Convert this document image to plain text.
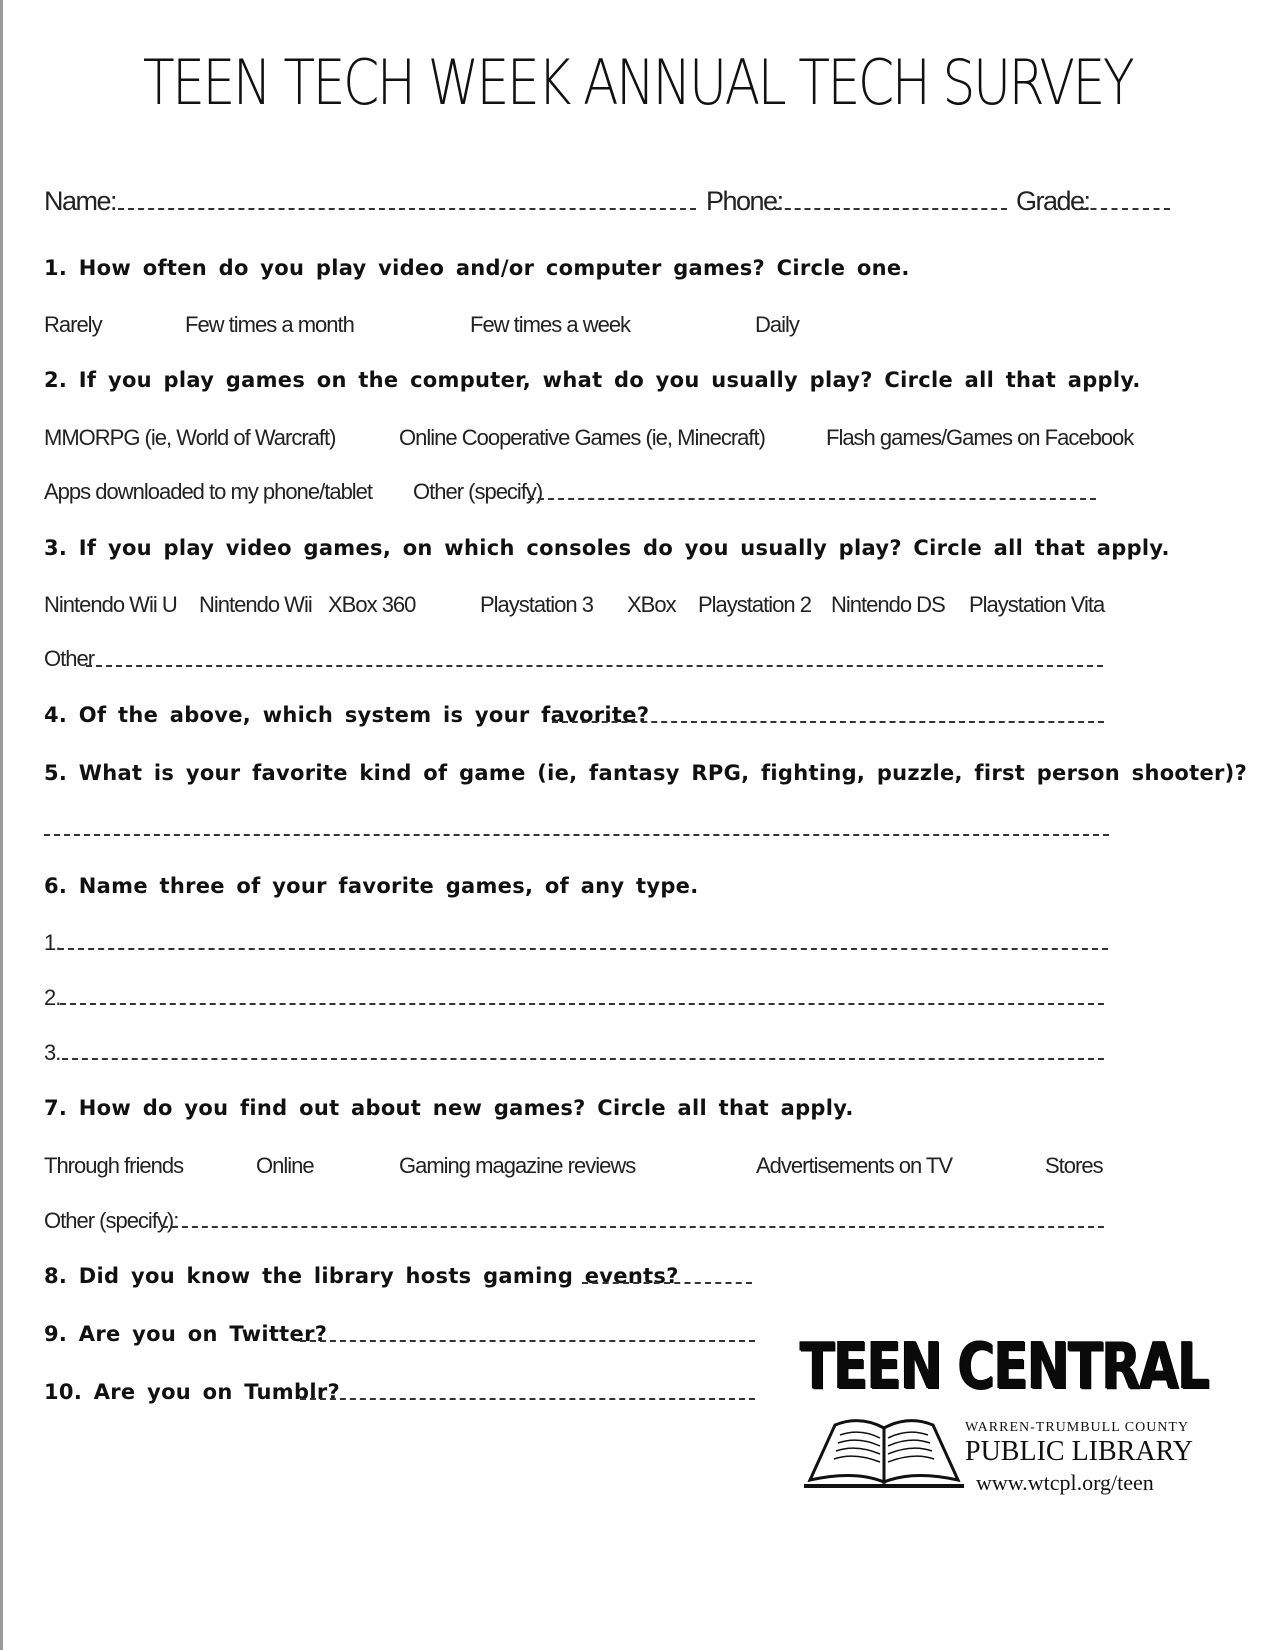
TEEN TECH WEEK ANNUAL TECH SURVEY
Name:	Phone:	Grade:
1. How often do you play video and/or computer games? Circle one.
Rarely	Few times a month	Few times a week	Daily
2. If you play games on the computer, what do you usually play? Circle all that apply.
MMORPG (ie, World of Warcraft)	Online Cooperative Games (ie, Minecraft)	Flash games/Games on Facebook
Apps downloaded to my phone/tablet Other (specify)
3. If you play video games, on which consoles do you usually play? Circle all that apply.
Nintendo Wii U Nintendo Wii XBox 360	Playstation 3 XBox Playstation 2 Nintendo DS Playstation Vita
Other
4. Of the above, which system is your favorite?
5. What is your favorite kind of game (ie, fantasy RPG, fighting, puzzle, first person shooter)?
6. Name three of your favorite games, of any type.
1.
2.
3.
7. How do you find out about new games? Circle all that apply.
Through friends	Online	Gaming magazine reviews	Advertisements on TV	Stores
Other (specify):
8. Did you know the library hosts gaming events?
9. Are you on Twitter?
10. Are you on Tumblr?	TEEN CENTRAL
WARREN-TRUMBULL COUNTY
PUBLIC LIBRARY
www.wtcpl.org/teen
